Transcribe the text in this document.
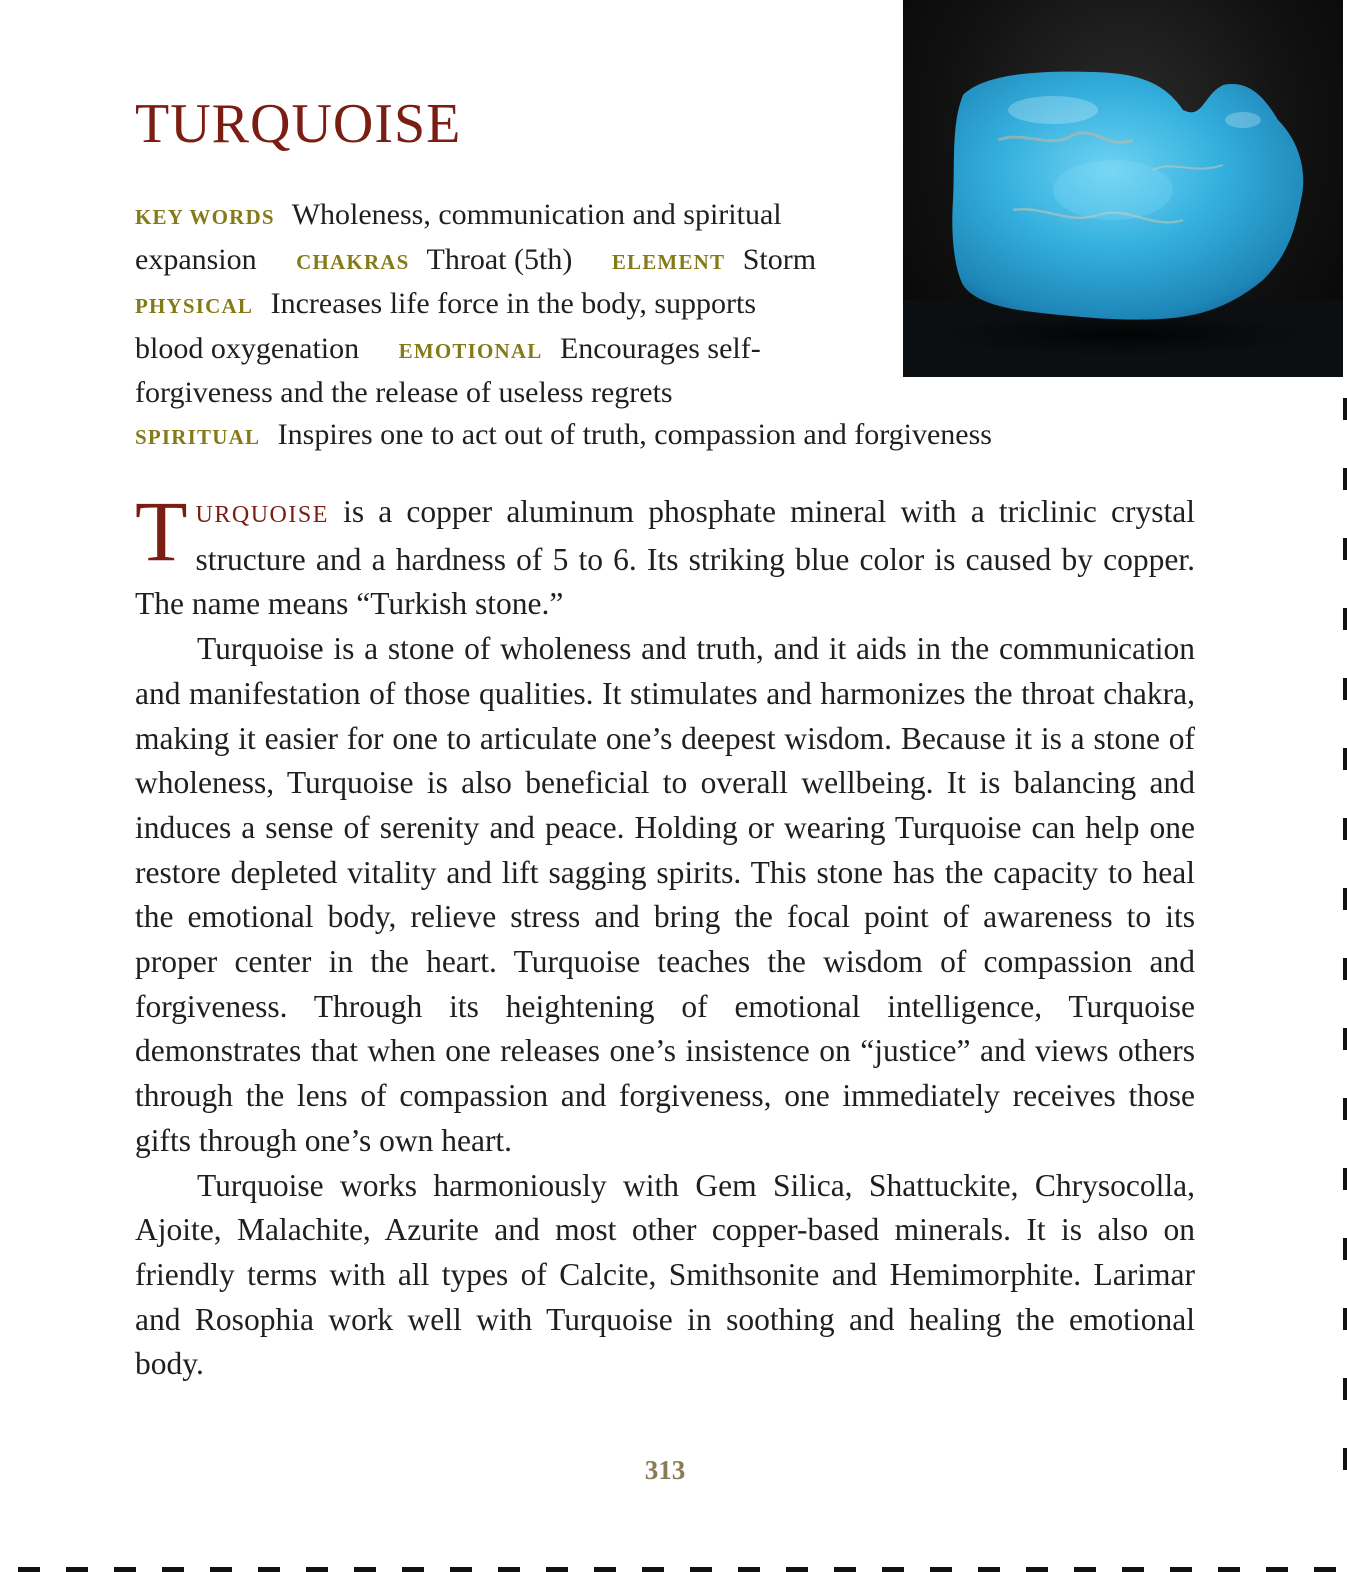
TURQUOISE
KEY WORDS Wholeness, communication and spiritual
expansion CHAKRAS Throat (5th) ELEMENT Storm
PHYSICAL Increases life force in the body, supports
blood oxygenation EMOTIONAL Encourages self-
forgiveness and the release of useless regrets
SPIRITUAL Inspires one to act out of truth, compassion and forgiveness

TURQUOISE is a copper aluminum phosphate mineral with a triclinic crystal structure and a hardness of 5 to 6. Its striking blue color is caused by copper. The name means “Turkish stone.”

Turquoise is a stone of wholeness and truth, and it aids in the communication and manifestation of those qualities. It stimulates and harmonizes the throat chakra, making it easier for one to articulate one’s deepest wisdom. Because it is a stone of wholeness, Turquoise is also beneficial to overall wellbeing. It is balancing and induces a sense of serenity and peace. Holding or wearing Turquoise can help one restore depleted vitality and lift sagging spirits. This stone has the capacity to heal the emotional body, relieve stress and bring the focal point of awareness to its proper center in the heart. Turquoise teaches the wisdom of compassion and forgiveness. Through its heightening of emotional intelligence, Turquoise demonstrates that when one releases one’s insistence on “justice” and views others through the lens of compassion and forgiveness, one immediately receives those gifts through one’s own heart.

Turquoise works harmoniously with Gem Silica, Shattuckite, Chrysocolla, Ajoite, Malachite, Azurite and most other copper-based minerals. It is also on friendly terms with all types of Calcite, Smithsonite and Hemimorphite. Larimar and Rosophia work well with Turquoise in soothing and healing the emotional body.

313
